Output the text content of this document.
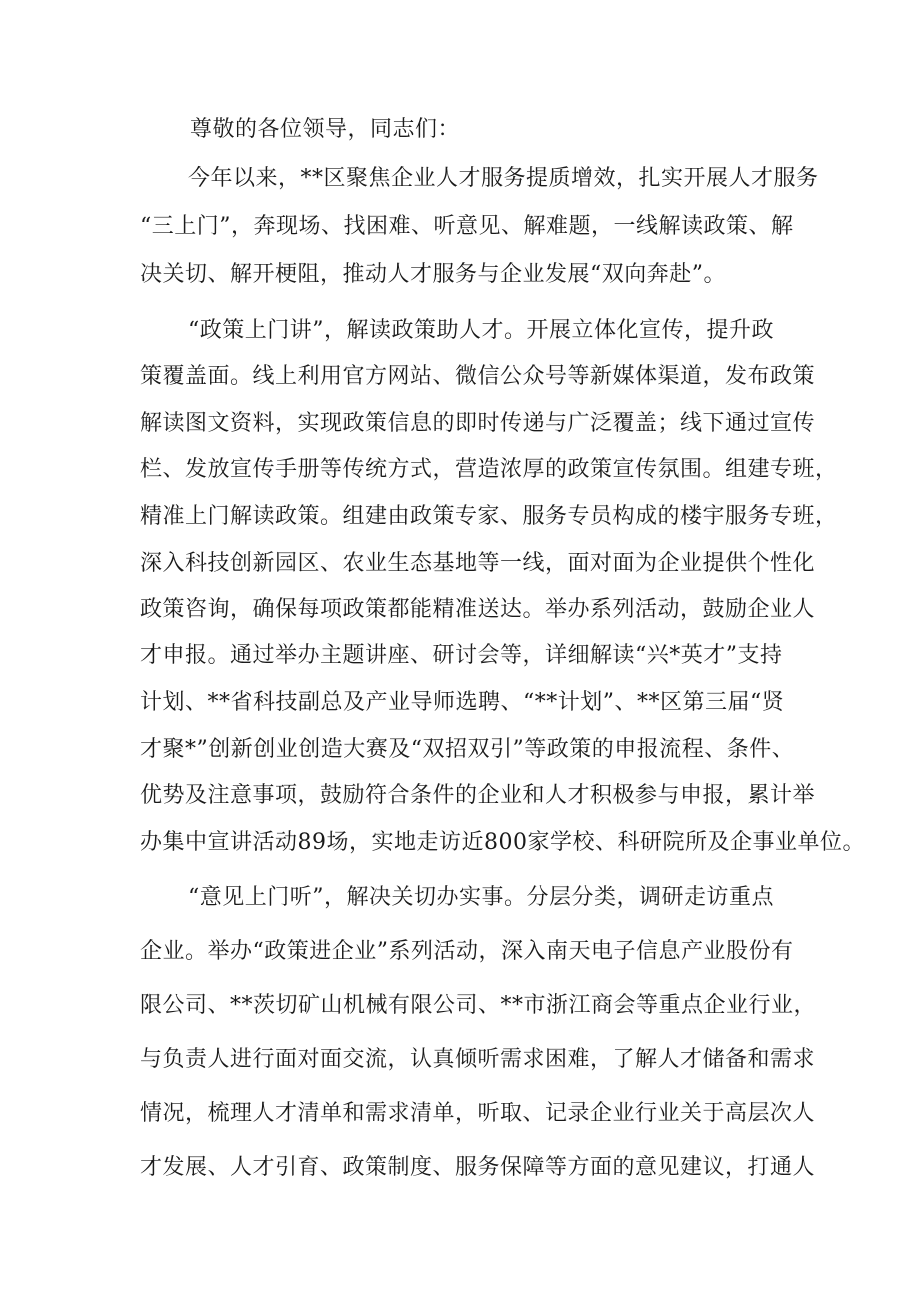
尊敬的各位领导，同志们：
今年以来，**区聚焦企业人才服务提质增效，扎实开展人才服务
“三上门”，奔现场、找困难、听意见、解难题，一线解读政策、解
决关切、解开梗阻，推动人才服务与企业发展“双向奔赴”。
“政策上门讲”，解读政策助人才。开展立体化宣传，提升政
策覆盖面。线上利用官方网站、微信公众号等新媒体渠道，发布政策
解读图文资料，实现政策信息的即时传递与广泛覆盖；线下通过宣传
栏、发放宣传手册等传统方式，营造浓厚的政策宣传氛围。组建专班，
精准上门解读政策。组建由政策专家、服务专员构成的楼宇服务专班，
深入科技创新园区、农业生态基地等一线，面对面为企业提供个性化
政策咨询，确保每项政策都能精准送达。举办系列活动，鼓励企业人
才申报。通过举办主题讲座、研讨会等，详细解读“兴*英才”支持
计划、**省科技副总及产业导师选聘、“**计划”、**区第三届“贤
才聚*”创新创业创造大赛及“双招双引”等政策的申报流程、条件、
优势及注意事项，鼓励符合条件的企业和人才积极参与申报，累计举
办集中宣讲活动89场，实地走访近800家学校、科研院所及企事业单位。
“意见上门听”，解决关切办实事。分层分类，调研走访重点
企业。举办“政策进企业”系列活动，深入南天电子信息产业股份有
限公司、**茨切矿山机械有限公司、**市浙江商会等重点企业行业，
与负责人进行面对面交流，认真倾听需求困难，了解人才储备和需求
情况，梳理人才清单和需求清单，听取、记录企业行业关于高层次人
才发展、人才引育、政策制度、服务保障等方面的意见建议，打通人
